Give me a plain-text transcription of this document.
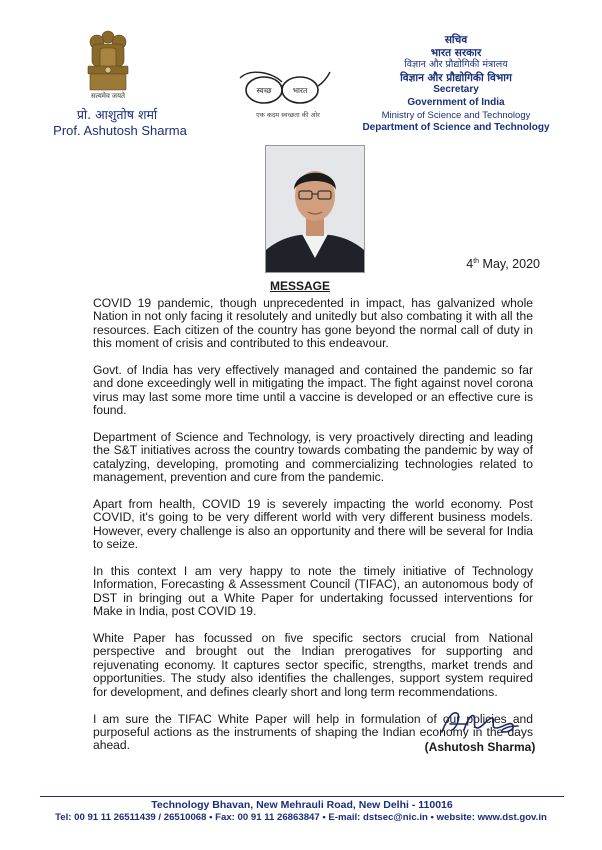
सत्यमेव जयते
प्रो. आशुतोष शर्मा
Prof. Ashutosh Sharma
स्वच्छ	भारत
एक कदम स्वच्छता की ओर
सचिव
भारत सरकार
विज्ञान और प्रौद्योगिकी मंत्रालय
विज्ञान और प्रौद्योगिकी विभाग
Secretary
Government of India
Ministry of Science and Technology
Department of Science and Technology
4th May, 2020
MESSAGE

COVID 19 pandemic, though unprecedented in impact, has galvanized whole Nation in not only facing it resolutely and unitedly but also combating it with all the resources. Each citizen of the country has gone beyond the normal call of duty in this moment of crisis and contributed to this endeavour.

Govt. of India has very effectively managed and contained the pandemic so far and done exceedingly well in mitigating the impact. The fight against novel corona virus may last some more time until a vaccine is developed or an effective cure is found.

Department of Science and Technology, is very proactively directing and leading the S&T initiatives across the country towards combating the pandemic by way of catalyzing, developing, promoting and commercializing technologies related to management, prevention and cure from the pandemic.

Apart from health, COVID 19 is severely impacting the world economy. Post COVID, it's going to be very different world with very different business models. However, every challenge is also an opportunity and there will be several for India to seize.

In this context I am very happy to note the timely initiative of Technology Information, Forecasting & Assessment Council (TIFAC), an autonomous body of DST in bringing out a White Paper for undertaking focussed interventions for Make in India, post COVID 19.

White Paper has focussed on five specific sectors crucial from National perspective and brought out the Indian prerogatives for supporting and rejuvenating economy. It captures sector specific, strengths, market trends and opportunities. The study also identifies the challenges, support system required for development, and defines clearly short and long term recommendations.

I am sure the TIFAC White Paper will help in formulation of our policies and purposeful actions as the instruments of shaping the Indian economy in the days ahead.	(Ashutosh Sharma)
Technology Bhavan, New Mehrauli Road, New Delhi - 110016
Tel: 00 91 11 26511439 / 26510068 • Fax: 00 91 11 26863847 • E-mail: dstsec@nic.in • website: www.dst.gov.in
